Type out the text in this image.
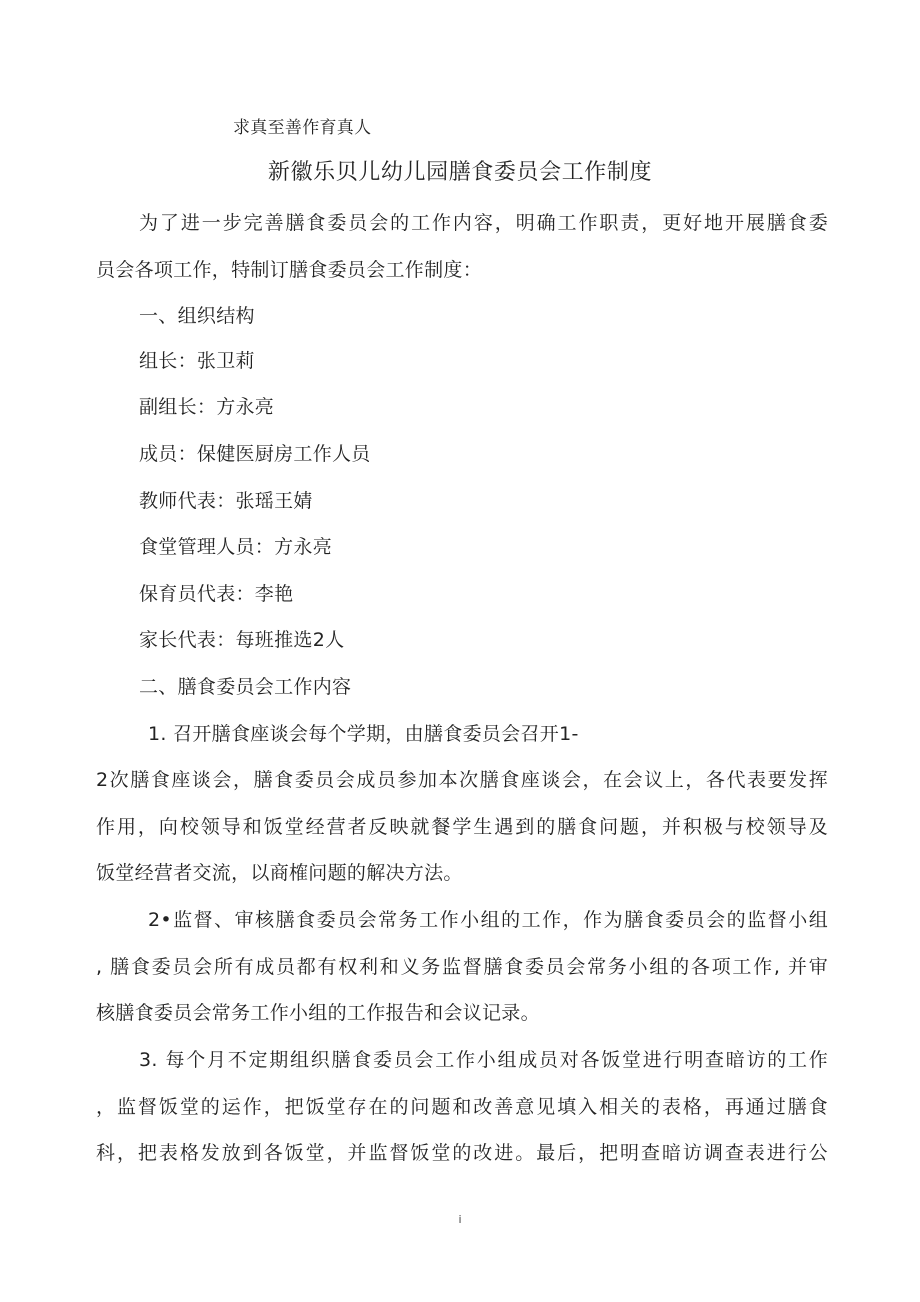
求真至善作育真人
新徽乐贝儿幼儿园膳食委员会工作制度
为了进一步完善膳食委员会的工作内容，明确工作职责，更好地开展膳食委
员会各项工作，特制订膳食委员会工作制度：
一、组织结构
组长：张卫莉
副组长：方永亮
成员：保健医厨房工作人员
教师代表：张瑶王婧
食堂管理人员：方永亮
保育员代表：李艳
家长代表：每班推选2人
二、膳食委员会工作内容
1. 召开膳食座谈会每个学期，由膳食委员会召开1-
2次膳食座谈会，膳食委员会成员参加本次膳食座谈会，在会议上，各代表要发挥
作用，向校领导和饭堂经营者反映就餐学生遇到的膳食问题，并积极与校领导及
饭堂经营者交流，以商榷问题的解决方法。
2•监督、审核膳食委员会常务工作小组的工作，作为膳食委员会的监督小组
, 膳食委员会所有成员都有权利和义务监督膳食委员会常务小组的各项工作, 并审
核膳食委员会常务工作小组的工作报告和会议记录。
3. 每个月不定期组织膳食委员会工作小组成员对各饭堂进行明查暗访的工作
，监督饭堂的运作，把饭堂存在的问题和改善意见填入相关的表格，再通过膳食
科，把表格发放到各饭堂，并监督饭堂的改进。最后，把明查暗访调查表进行公
i
